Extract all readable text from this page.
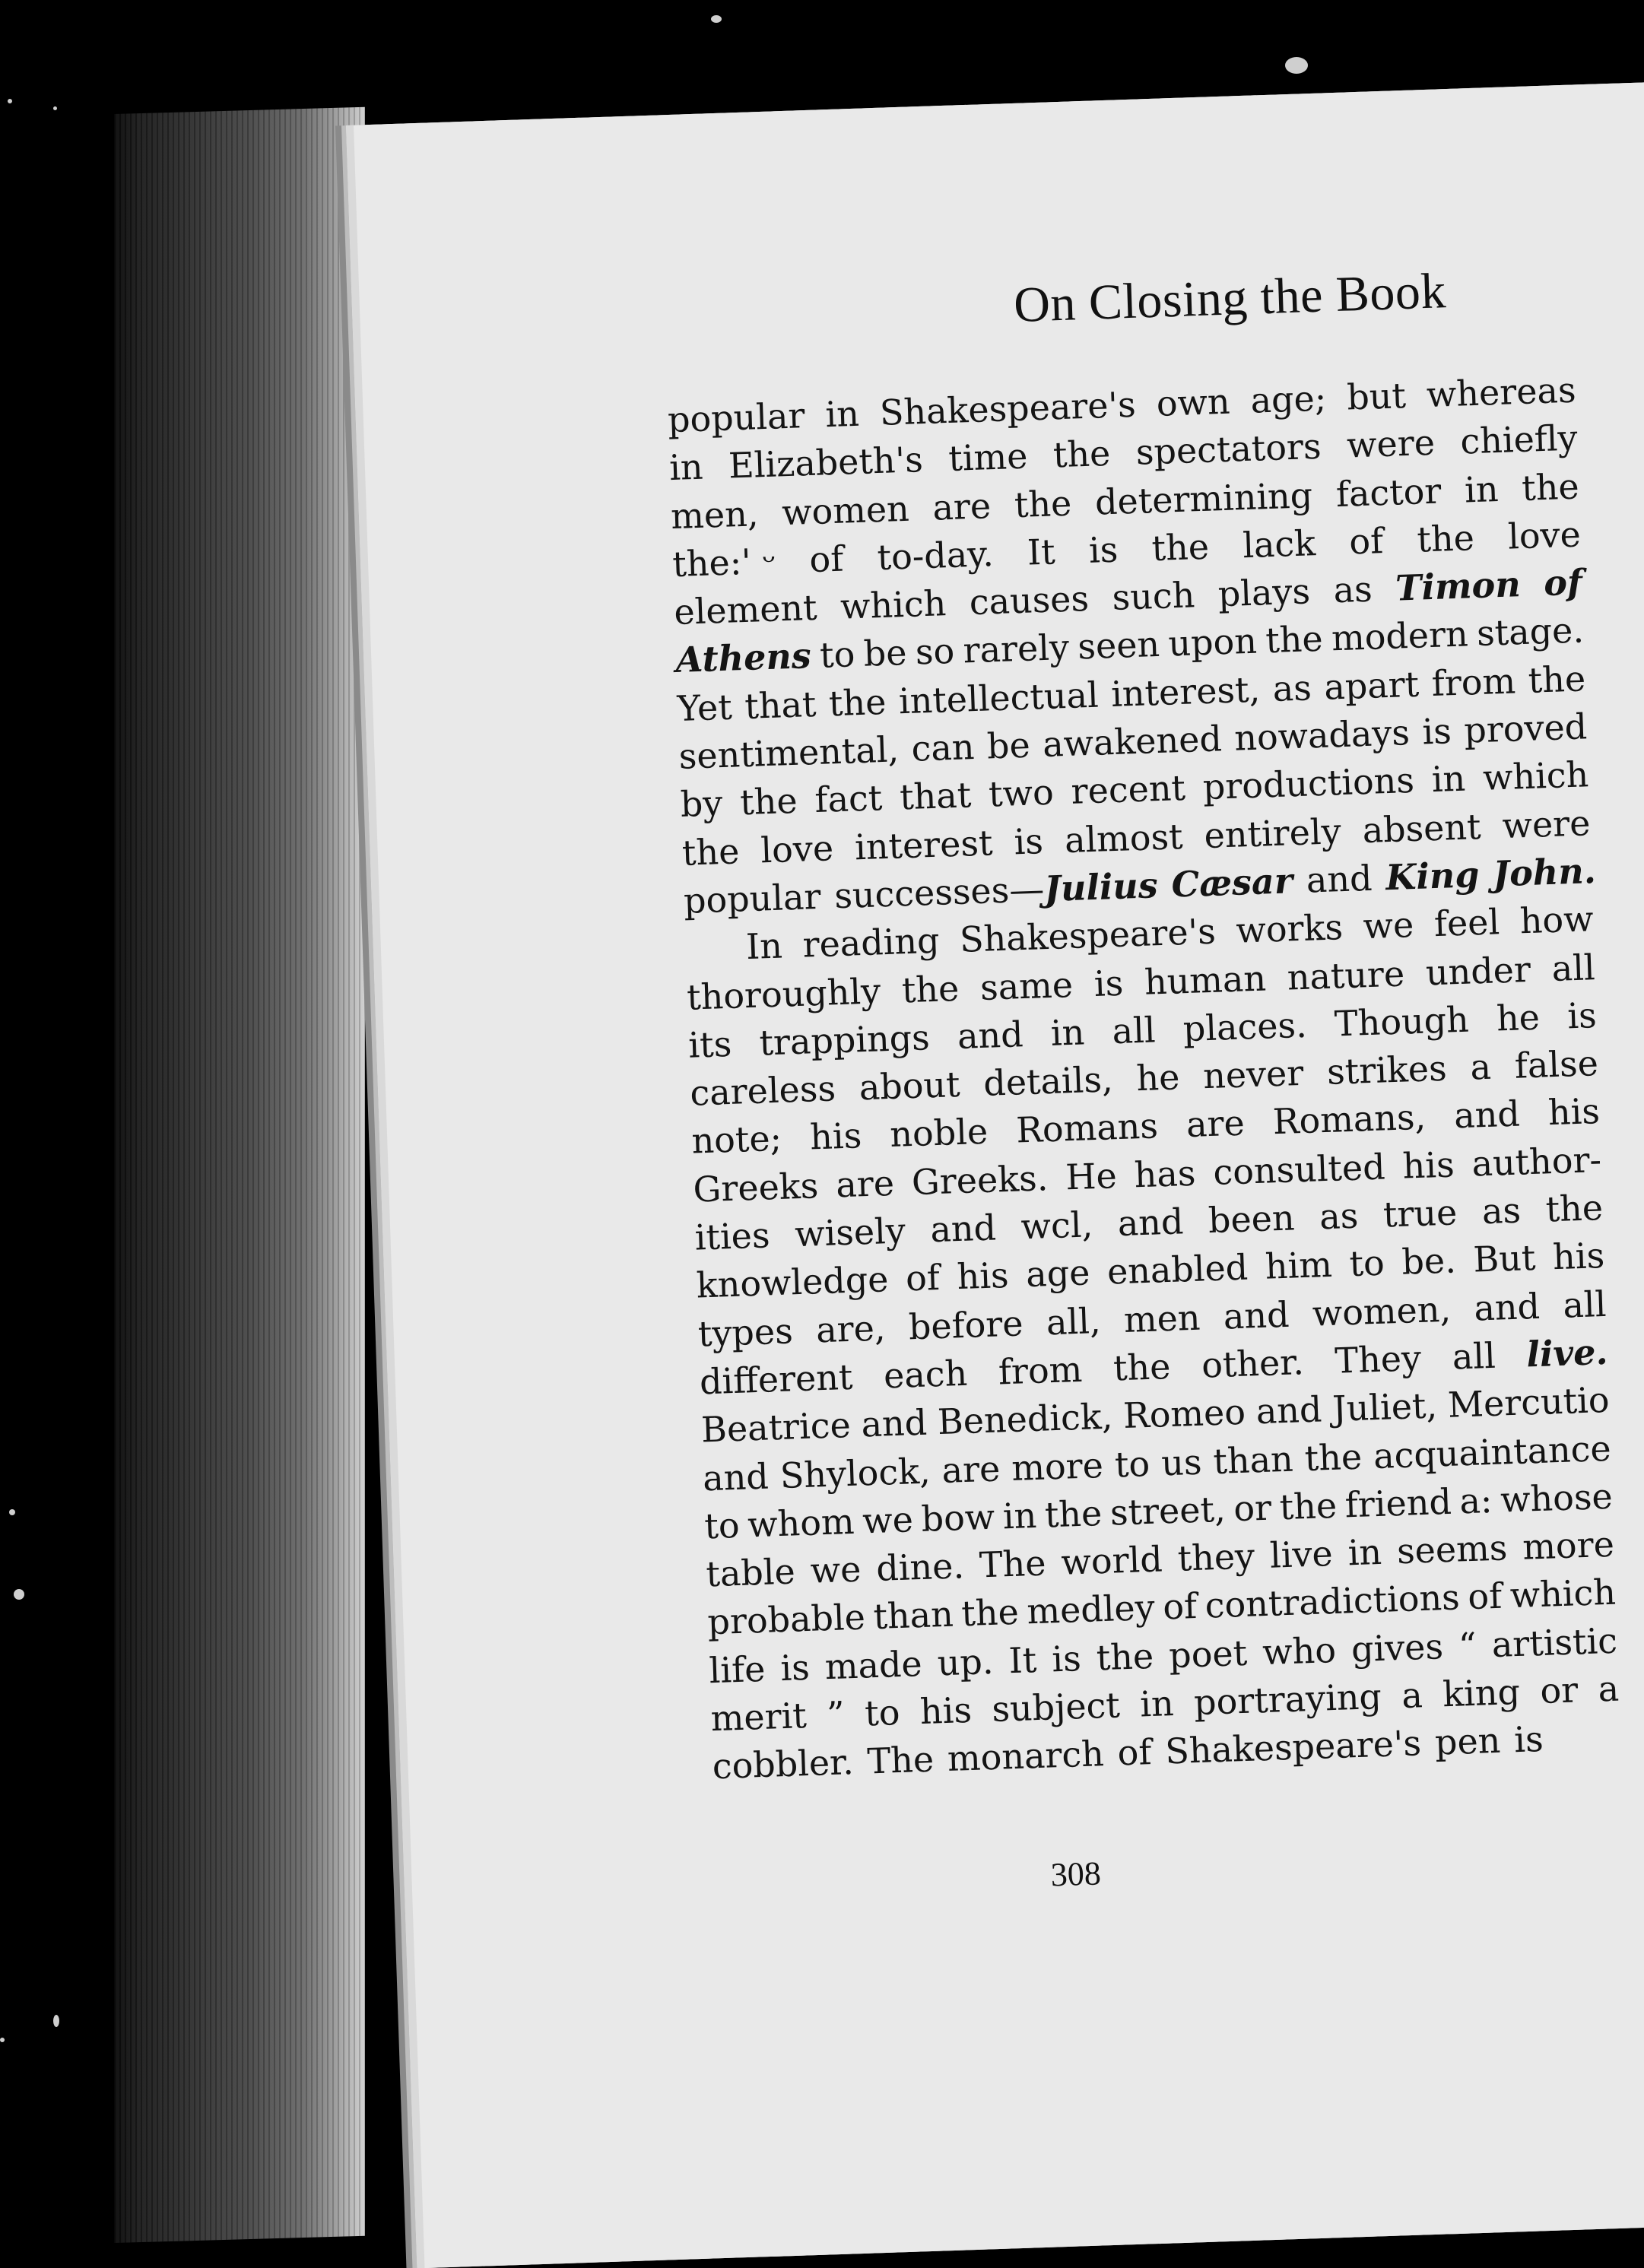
On Closing the Book
popular in Shakespeare's own age; but whereas
in Elizabeth's time the spectators were chiefly
men, women are the determining factor in the
the:' ᵕ of to-day. It is the lack of the love
element which causes such plays as Timon of
Athens to be so rarely seen upon the modern stage.
Yet that the intellectual interest, as apart from the
sentimental, can be awakened nowadays is proved
by the fact that two recent productions in which
the love interest is almost entirely absent were
popular successes—Julius Cæsar and King John.
In reading Shakespeare's works we feel how
thoroughly the same is human nature under all
its trappings and in all places. Though he is
careless about details, he never strikes a false
note; his noble Romans are Romans, and his
Greeks are Greeks. He has consulted his author-
ities wisely and wcl, and been as true as the
knowledge of his age enabled him to be. But his
types are, before all, men and women, and all
different each from the other. They all live.
Beatrice and Benedick, Romeo and Juliet, Mercutio
and Shylock, are more to us than the acquaintance
to whom we bow in the street, or the friend a: whose
table we dine. The world they live in seems more
probable than the medley of contradictions of which
life is made up. It is the poet who gives “ artistic
merit ” to his subject in portraying a king or a
cobbler. The monarch of Shakespeare's pen is

308
